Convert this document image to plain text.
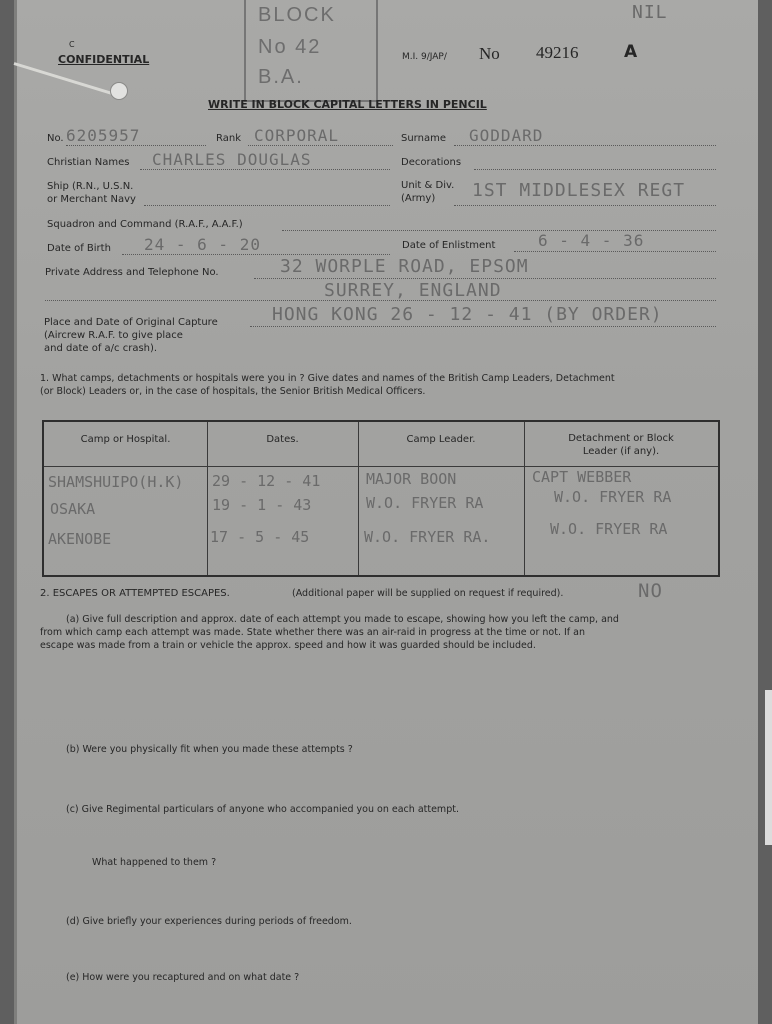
BLOCK
No 42
B.A.
C
CONFIDENTIAL	M.I. 9/JAP/ No 49216	A
NIL
WRITE IN BLOCK CAPITAL LETTERS IN PENCIL
No. 6205957	Rank CORPORAL	Surname GODDARD
Christian Names CHARLES DOUGLAS	Decorations
Ship (R.N., U.S.N.
or Merchant Navy
Unit & Div.
(Army) 1ST MIDDLESEX REGT
Squadron and Command (R.A.F., A.A.F.)
Date of Birth 24 - 6 - 20	Date of Enlistment	6 - 4 - 36
Private Address and Telephone No.	32 WORPLE ROAD, EPSOM
SURREY, ENGLAND
Place and Date of Original Capture
(Aircrew R.A.F. to give place
and date of a/c crash).
HONG KONG 26 - 12 - 41 (BY ORDER)
1. What camps, detachments or hospitals were you in ? Give dates and names of the British Camp Leaders, Detachment
(or Block) Leaders or, in the case of hospitals, the Senior British Medical Officers.
Camp or Hospital.	Dates.	Camp Leader.	Detachment or Block
Leader (if any).
SHAMSHUIPO(H.K) 29 - 12 - 41	MAJOR BOON	CAPT WEBBER
OSAKA	19 - 1 - 43	W.O. FRYER RA	W.O. FRYER RA
AKENOBE	17 - 5 - 45	W.O. FRYER RA.	W.O. FRYER RA
2. ESCAPES OR ATTEMPTED ESCAPES.	(Additional paper will be supplied on request if required).	NO
(a) Give full description and approx. date of each attempt you made to escape, showing how you left the camp, and
from which camp each attempt was made. State whether there was an air-raid in progress at the time or not. If an
escape was made from a train or vehicle the approx. speed and how it was guarded should be included.
(b) Were you physically fit when you made these attempts ?
(c) Give Regimental particulars of anyone who accompanied you on each attempt.
What happened to them ?
(d) Give briefly your experiences during periods of freedom.
(e) How were you recaptured and on what date ?
